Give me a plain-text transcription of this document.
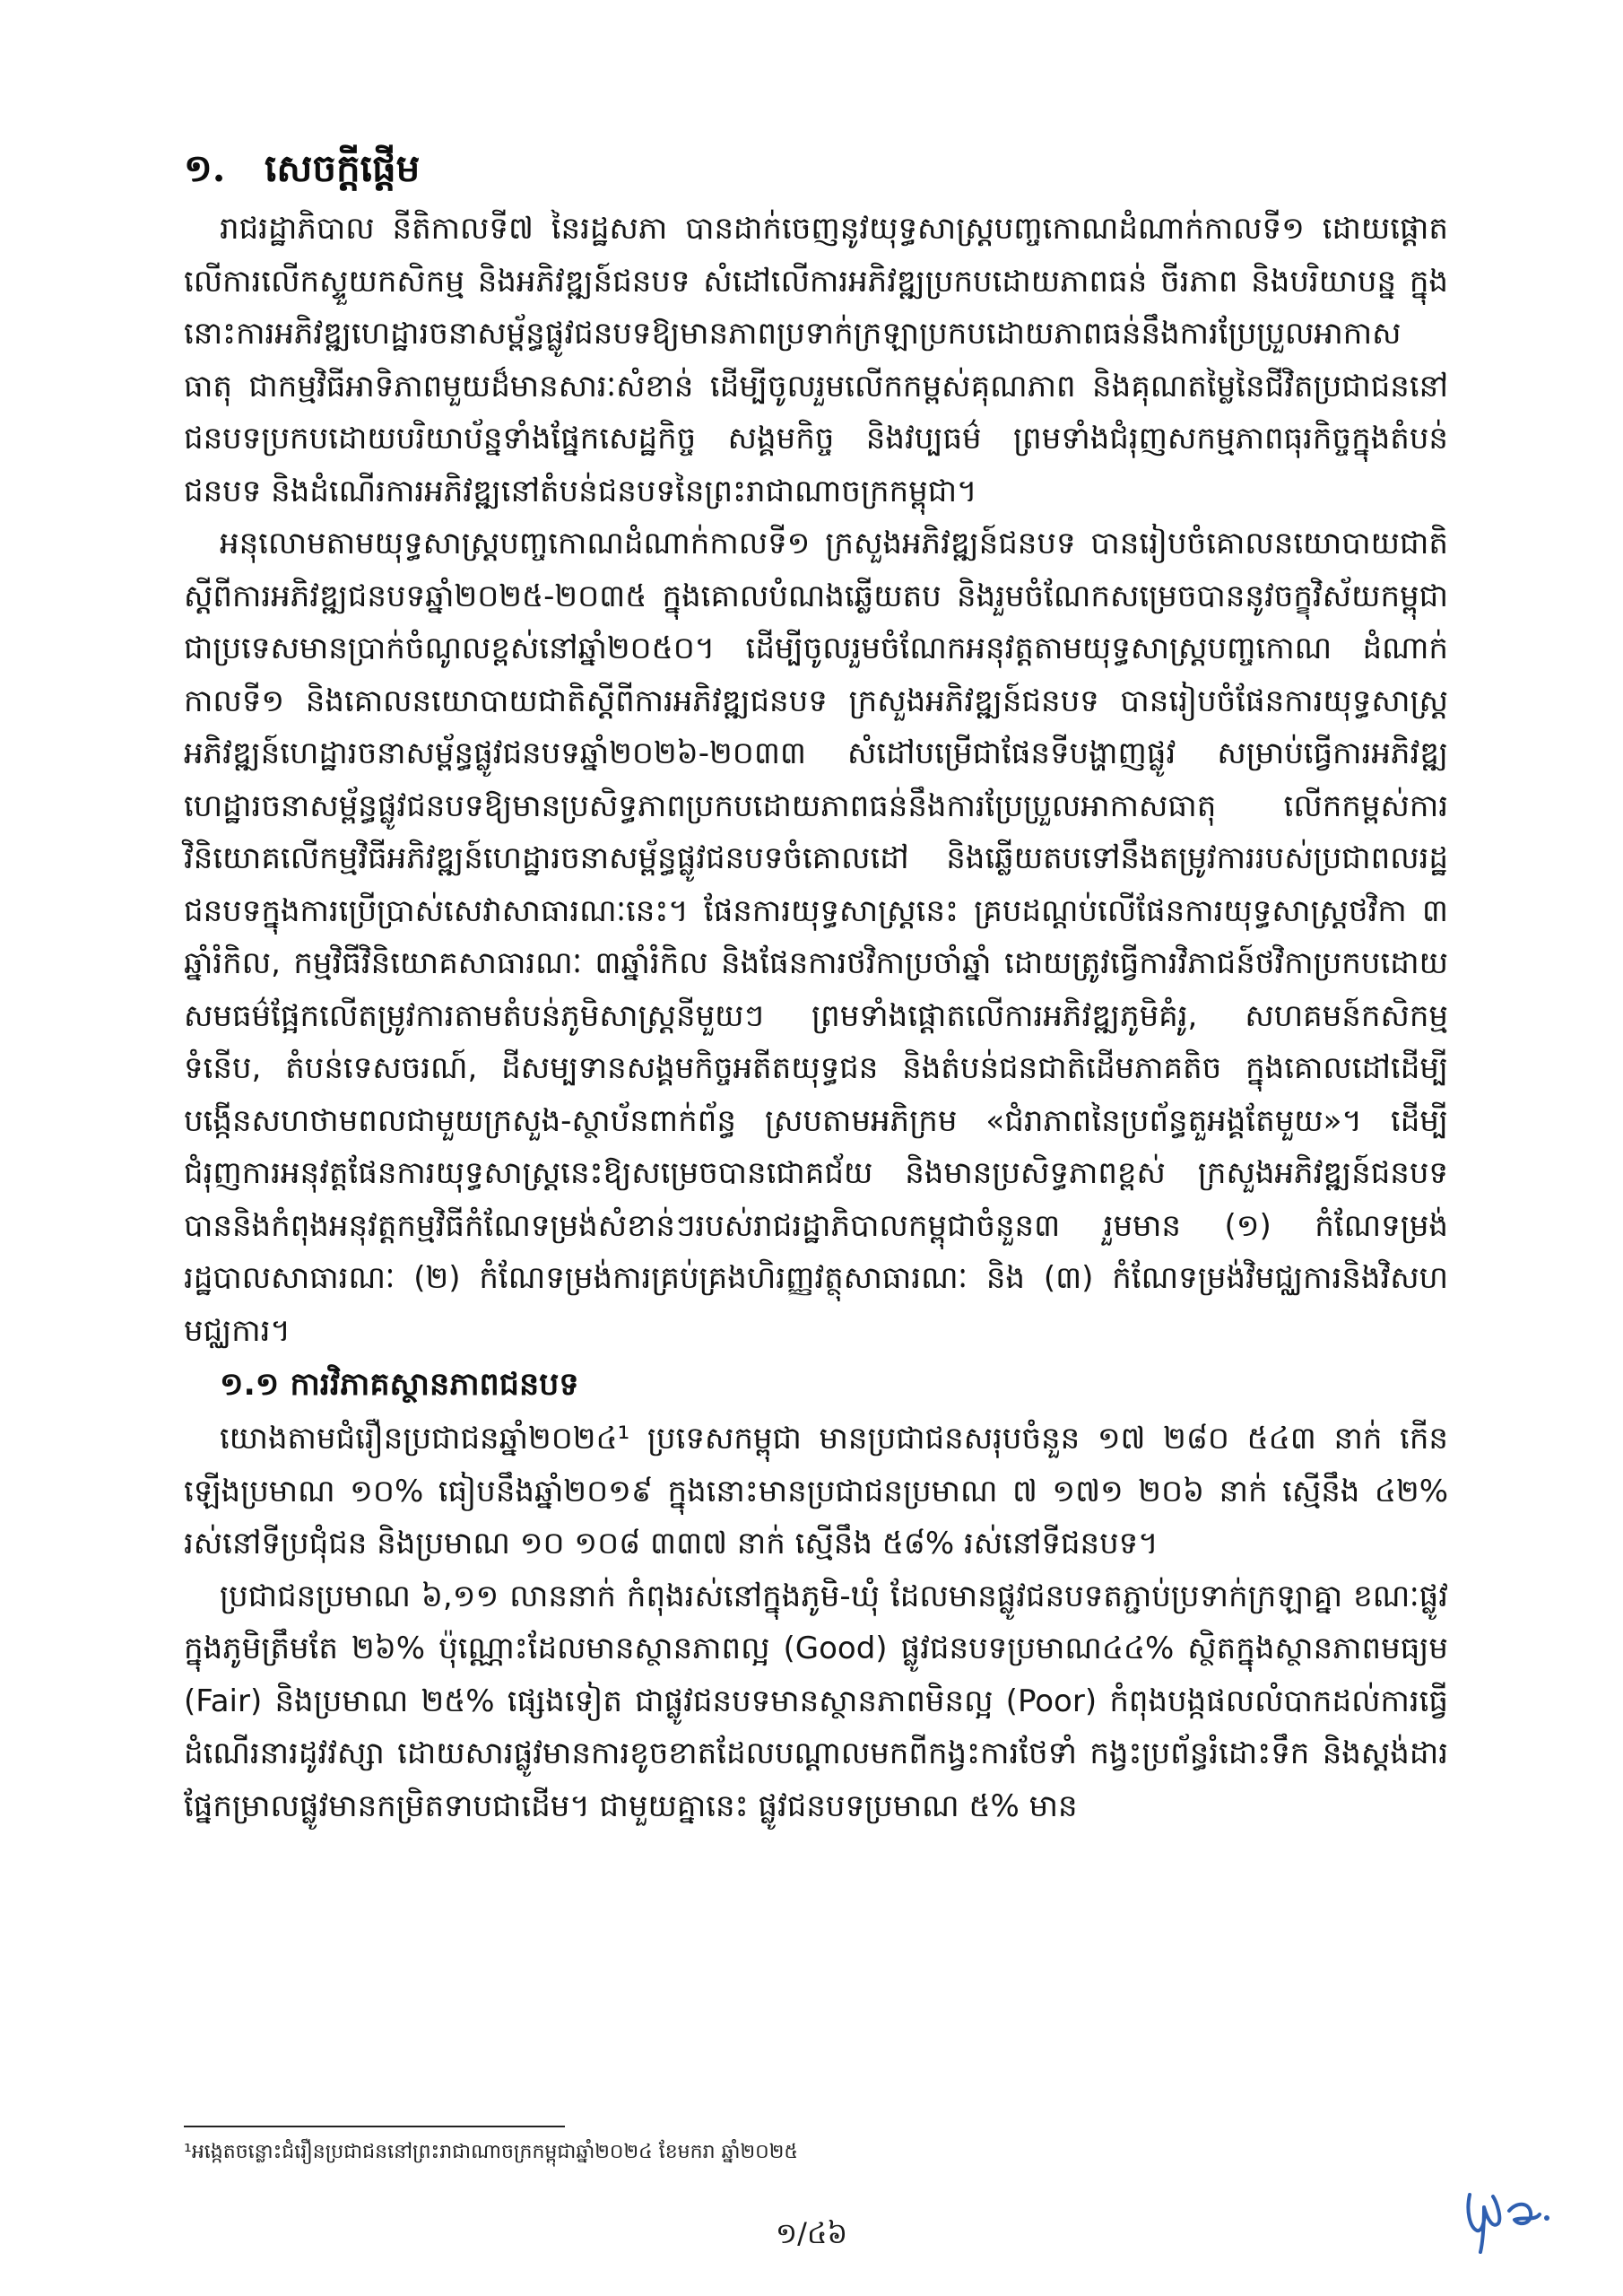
១. សេចក្តីផ្តើម

រាជរដ្ឋាភិបាល នីតិកាលទី៧ នៃរដ្ឋសភា បានដាក់ចេញនូវយុទ្ធសាស្ត្របញ្ចកោណដំណាក់កាលទី១ ដោយផ្តោតលើការលើកស្ទួយកសិកម្ម និងអភិវឌ្ឍន៍ជនបទ សំដៅលើការអភិវឌ្ឍប្រកបដោយភាពធន់ ចីរភាព និងបរិយាបន្ន ក្នុងនោះការអភិវឌ្ឍហេដ្ឋារចនាសម្ព័ន្ធផ្លូវជនបទឱ្យមានភាពប្រទាក់ក្រឡាប្រកបដោយភាពធន់នឹងការប្រែប្រួលអាកាសធាតុ ជាកម្មវិធីអាទិភាពមួយដ៏មានសារៈសំខាន់ ដើម្បីចូលរួមលើកកម្ពស់គុណភាព និងគុណតម្លៃនៃជីវិតប្រជាជននៅជនបទប្រកបដោយបរិយាប័ន្នទាំងផ្នែកសេដ្ឋកិច្ច សង្គមកិច្ច និងវប្បធម៌ ព្រមទាំងជំរុញសកម្មភាពធុរកិច្ចក្នុងតំបន់ជនបទ និងដំណើរការអភិវឌ្ឍនៅតំបន់ជនបទនៃព្រះរាជាណាចក្រកម្ពុជា។

អនុលោមតាមយុទ្ធសាស្ត្របញ្ចកោណដំណាក់កាលទី១ ក្រសួងអភិវឌ្ឍន៍ជនបទ បានរៀបចំគោលនយោបាយជាតិស្តីពីការអភិវឌ្ឍជនបទឆ្នាំ២០២៥-២០៣៥ ក្នុងគោលបំណងឆ្លើយតប និងរួមចំណែកសម្រេចបាននូវចក្ខុវិស័យកម្ពុជា ជាប្រទេសមានប្រាក់ចំណូលខ្ពស់នៅឆ្នាំ២០៥០។ ដើម្បីចូលរួមចំណែកអនុវត្តតាមយុទ្ធសាស្ត្របញ្ចកោណ ដំណាក់កាលទី១ និងគោលនយោបាយជាតិស្តីពីការអភិវឌ្ឍជនបទ ក្រសួងអភិវឌ្ឍន៍ជនបទ បានរៀបចំផែនការយុទ្ធសាស្ត្រអភិវឌ្ឍន៍ហេដ្ឋារចនាសម្ព័ន្ធផ្លូវជនបទឆ្នាំ២០២៦-២០៣៣ សំដៅបម្រើជាផែនទីបង្ហាញផ្លូវ សម្រាប់ធ្វើការអភិវឌ្ឍហេដ្ឋារចនាសម្ព័ន្ធផ្លូវជនបទឱ្យមានប្រសិទ្ធភាពប្រកបដោយភាពធន់នឹងការប្រែប្រួលអាកាសធាតុ លើកកម្ពស់ការវិនិយោគលើកម្មវិធីអភិវឌ្ឍន៍ហេដ្ឋារចនាសម្ព័ន្ធផ្លូវជនបទចំគោលដៅ និងឆ្លើយតបទៅនឹងតម្រូវការរបស់ប្រជាពលរដ្ឋជនបទក្នុងការប្រើប្រាស់សេវាសាធារណៈនេះ។ ផែនការយុទ្ធសាស្ត្រនេះ គ្របដណ្តប់លើផែនការយុទ្ធសាស្ត្រថវិកា ៣ ឆ្នាំរំកិល, កម្មវិធីវិនិយោគសាធារណៈ ៣ឆ្នាំរំកិល និងផែនការថវិកាប្រចាំឆ្នាំ ដោយត្រូវធ្វើការវិភាជន៍ថវិកាប្រកបដោយសមធម៌ផ្អែកលើតម្រូវការតាមតំបន់ភូមិសាស្ត្រនីមួយៗ ព្រមទាំងផ្តោតលើការអភិវឌ្ឍភូមិគំរូ, សហគមន៍កសិកម្មទំនើប, តំបន់ទេសចរណ៍, ដីសម្បទានសង្គមកិច្ចអតីតយុទ្ធជន និងតំបន់ជនជាតិដើមភាគតិច ក្នុងគោលដៅដើម្បីបង្កើនសហថាមពលជាមួយក្រសួង-ស្ថាប័នពាក់ព័ន្ធ ស្របតាមអភិក្រម «ជំរាភាពនៃប្រព័ន្ធតួអង្គតែមួយ»។ ដើម្បីជំរុញការអនុវត្តផែនការយុទ្ធសាស្ត្រនេះឱ្យសម្រេចបានជោគជ័យ និងមានប្រសិទ្ធភាពខ្ពស់ ក្រសួងអភិវឌ្ឍន៍ជនបទ បាននិងកំពុងអនុវត្តកម្មវិធីកំណែទម្រង់សំខាន់ៗរបស់រាជរដ្ឋាភិបាលកម្ពុជាចំនួន៣ រួមមាន (១) កំណែទម្រង់រដ្ឋបាលសាធារណៈ (២) កំណែទម្រង់ការគ្រប់គ្រងហិរញ្ញវត្ថុសាធារណៈ និង (៣) កំណែទម្រង់វិមជ្ឈការនិងវិសហមជ្ឈការ។

១.១ ការវិភាគស្ថានភាពជនបទ

យោងតាមជំរឿនប្រជាជនឆ្នាំ២០២៤¹ ប្រទេសកម្ពុជា មានប្រជាជនសរុបចំនួន ១៧ ២៨០ ៥៤៣ នាក់ កើនឡើងប្រមាណ ១០% ធៀបនឹងឆ្នាំ២០១៩ ក្នុងនោះមានប្រជាជនប្រមាណ ៧ ១៧១ ២០៦ នាក់ ស្មើនឹង ៤២% រស់នៅទីប្រជុំជន និងប្រមាណ ១០ ១០៨ ៣៣៧ នាក់ ស្មើនឹង ៥៨% រស់នៅទីជនបទ។

ប្រជាជនប្រមាណ ៦,១១ លាននាក់ កំពុងរស់នៅក្នុងភូមិ-ឃុំ ដែលមានផ្លូវជនបទតភ្ជាប់ប្រទាក់ក្រឡាគ្នា ខណៈផ្លូវក្នុងភូមិត្រឹមតែ ២៦% ប៉ុណ្ណោះដែលមានស្ថានភាពល្អ (Good) ផ្លូវជនបទប្រមាណ៤៤% ស្ថិតក្នុងស្ថានភាពមធ្យម (Fair) និងប្រមាណ ២៥% ផ្សេងទៀត ជាផ្លូវជនបទមានស្ថានភាពមិនល្អ (Poor) កំពុងបង្កផលលំបាកដល់ការធ្វើដំណើរនារដូវវស្សា ដោយសារផ្លូវមានការខូចខាតដែលបណ្តាលមកពីកង្វះការថែទាំ កង្វះប្រព័ន្ធរំដោះទឹក និងស្តង់ដារផ្នែកម្រាលផ្លូវមានកម្រិតទាបជាដើម។ ជាមួយគ្នានេះ ផ្លូវជនបទប្រមាណ ៥% មាន

¹អង្កេតចន្លោះជំរឿនប្រជាជននៅព្រះរាជាណាចក្រកម្ពុជាឆ្នាំ២០២៤ ខែមករា ឆ្នាំ២០២៥
១/៤៦
